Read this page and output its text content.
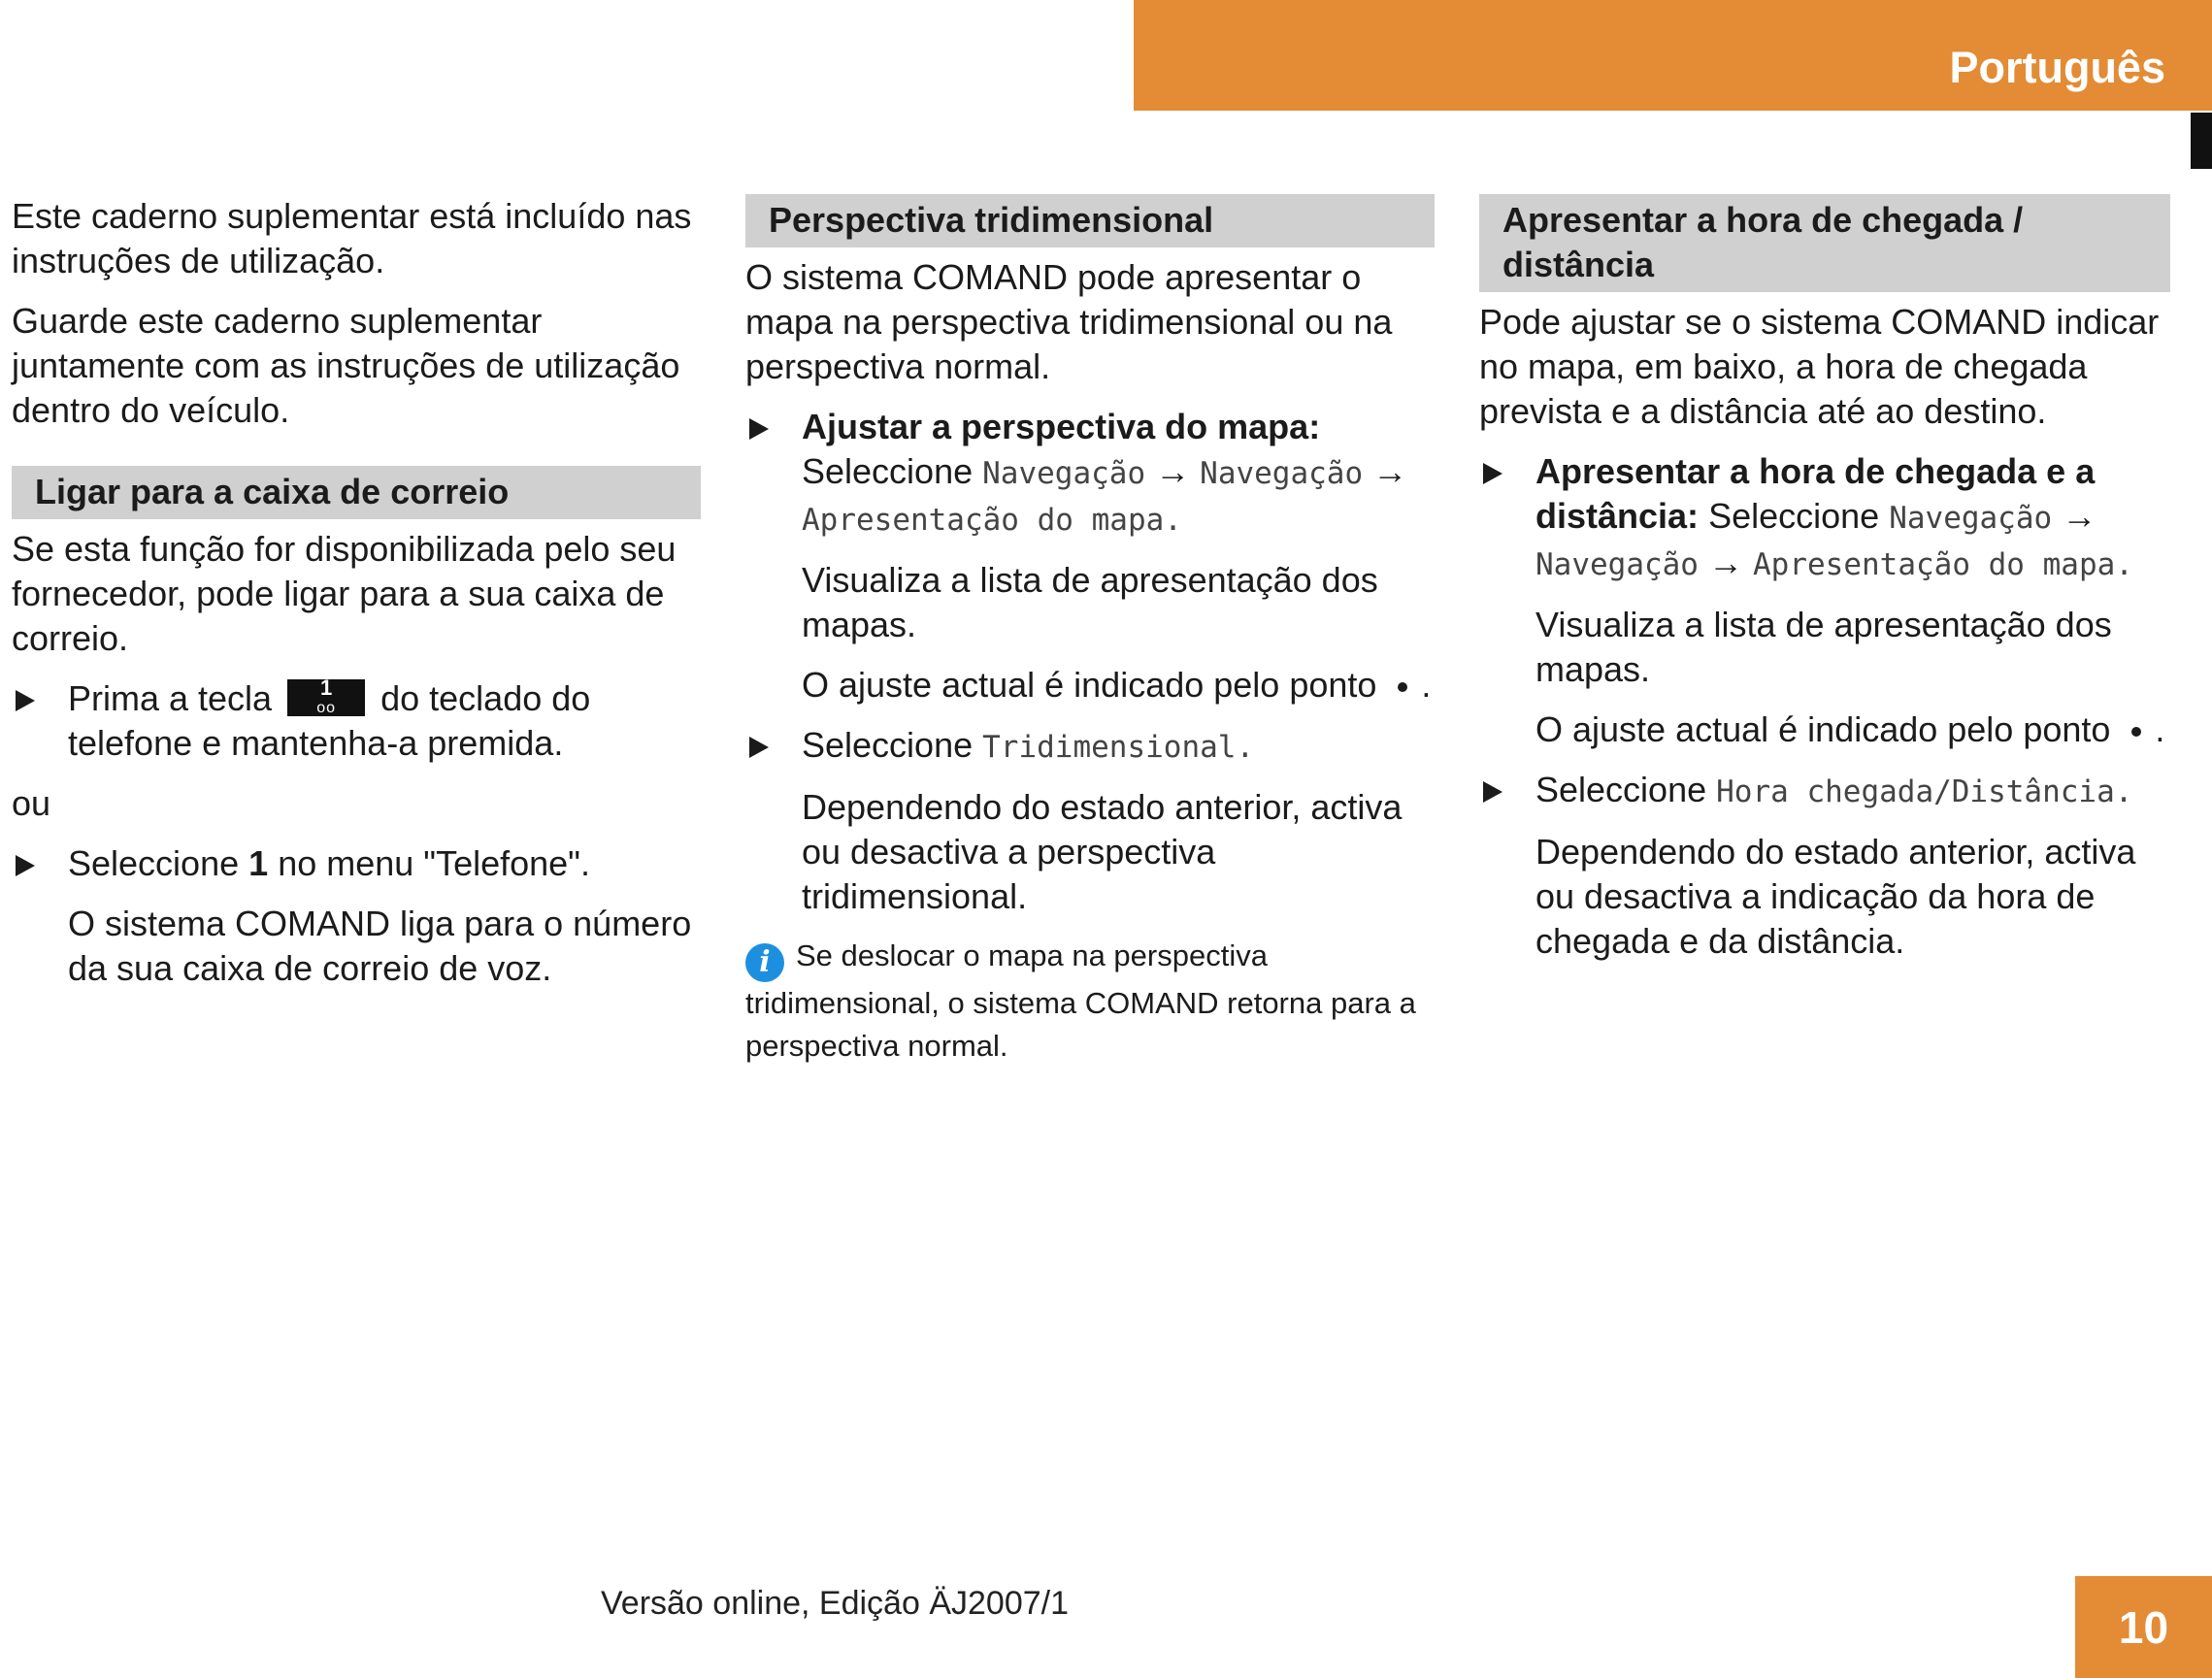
Português

Este caderno suplementar está incluído nas instruções de utilização.

Guarde este caderno suplementar juntamente com as instruções de utilização dentro do veículo.

Ligar para a caixa de correio

Se esta função for disponibilizada pelo seu fornecedor, pode ligar para a sua caixa de correio.

Prima a tecla	1
oo	do teclado do telefone e mantenha-a premida.

ou

Seleccione 1 no menu "Telefone".

O sistema COMAND liga para o número da sua caixa de correio de voz.

Perspectiva tridimensional

O sistema COMAND pode apresentar o mapa na perspectiva tridimensional ou na perspectiva normal.

Ajustar a perspectiva do mapa: Seleccione Navegação → Navegação → Apresentação do mapa.

Visualiza a lista de apresentação dos mapas.

O ajuste actual é indicado pelo ponto .

Seleccione Tridimensional.

Dependendo do estado anterior, activa ou desactiva a perspectiva tridimensional.

i Se deslocar o mapa na perspectiva tridimensional, o sistema COMAND retorna para a perspectiva normal.

Apresentar a hora de chegada / distância

Pode ajustar se o sistema COMAND indicar no mapa, em baixo, a hora de chegada prevista e a distância até ao destino.

Apresentar a hora de chegada e a distância: Seleccione Navegação → Navegação → Apresentação do mapa.

Visualiza a lista de apresentação dos mapas.

O ajuste actual é indicado pelo ponto .

Seleccione Hora chegada/Distância.

Dependendo do estado anterior, activa ou desactiva a indicação da hora de chegada e da distância.

Versão online, Edição ÄJ2007/1	10
